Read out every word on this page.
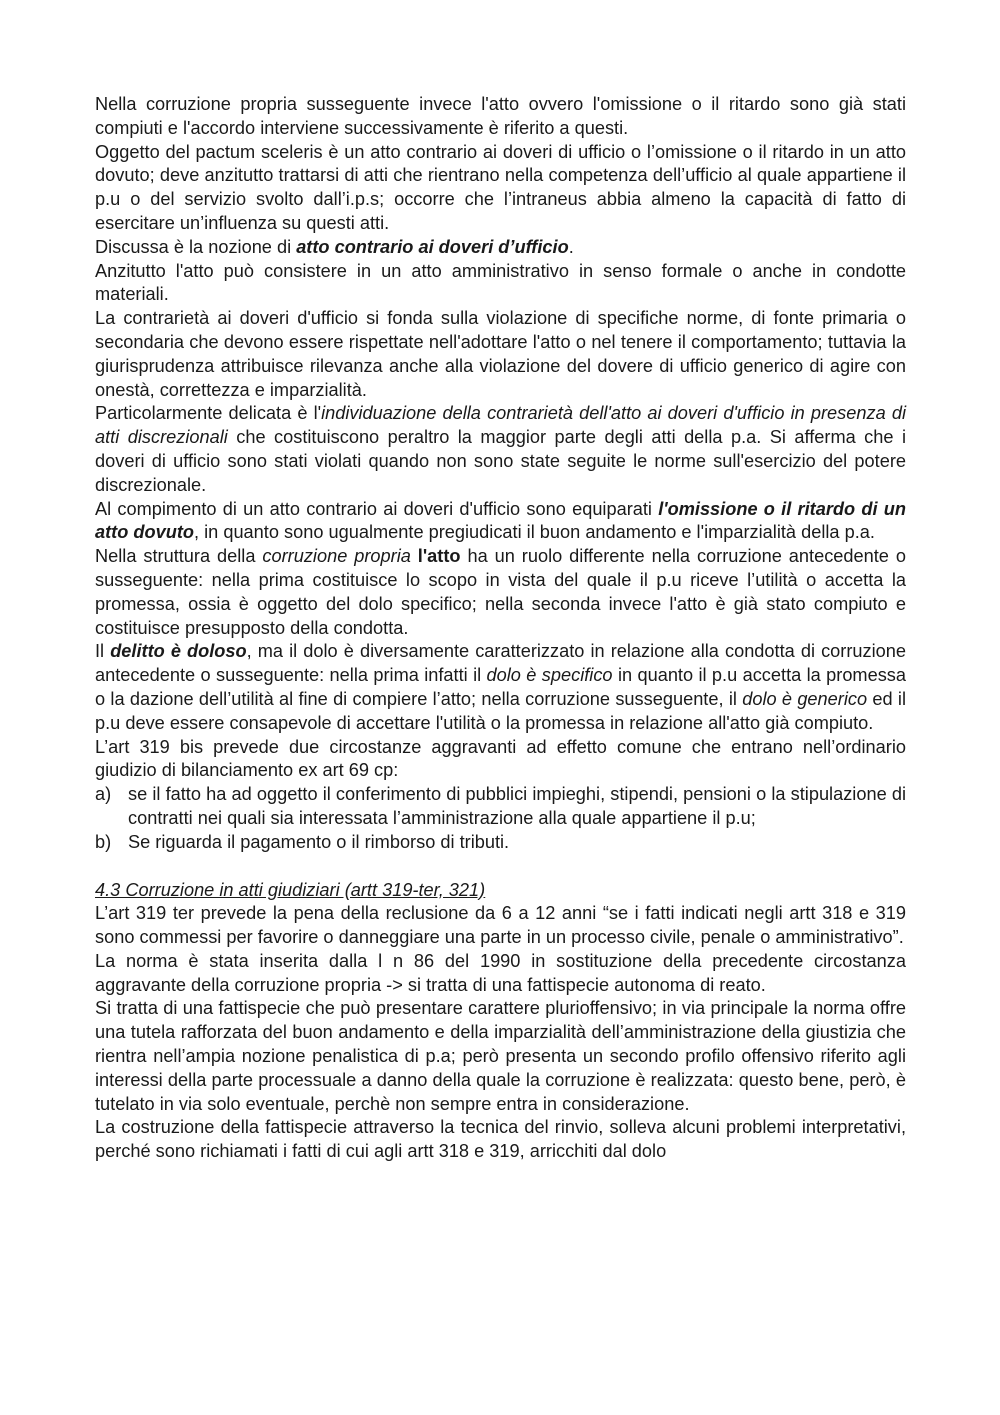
Nella corruzione propria susseguente invece l'atto ovvero l'omissione o il ritardo sono già stati compiuti e l'accordo interviene successivamente è riferito a questi.

Oggetto del pactum sceleris è un atto contrario ai doveri di ufficio o l’omissione o il ritardo in un atto dovuto; deve anzitutto trattarsi di atti che rientrano nella competenza dell’ufficio al quale appartiene il p.u o del servizio svolto dall’i.p.s; occorre che l’intraneus abbia almeno la capacità di fatto di esercitare un’influenza su questi atti.

Discussa è la nozione di atto contrario ai doveri d’ufficio.

Anzitutto l'atto può consistere in un atto amministrativo in senso formale o anche in condotte materiali.

La contrarietà ai doveri d'ufficio si fonda sulla violazione di specifiche norme, di fonte primaria o secondaria che devono essere rispettate nell'adottare l'atto o nel tenere il comportamento; tuttavia la giurisprudenza attribuisce rilevanza anche alla violazione del dovere di ufficio generico di agire con onestà, correttezza e imparzialità.

Particolarmente delicata è l'individuazione della contrarietà dell'atto ai doveri d'ufficio in presenza di atti discrezionali che costituiscono peraltro la maggior parte degli atti della p.a. Si afferma che i doveri di ufficio sono stati violati quando non sono state seguite le norme sull'esercizio del potere discrezionale.

Al compimento di un atto contrario ai doveri d'ufficio sono equiparati l'omissione o il ritardo di un atto dovuto, in quanto sono ugualmente pregiudicati il buon andamento e l'imparzialità della p.a.

Nella struttura della corruzione propria l'atto ha un ruolo differente nella corruzione antecedente o susseguente: nella prima costituisce lo scopo in vista del quale il p.u riceve l’utilità o accetta la promessa, ossia è oggetto del dolo specifico; nella seconda invece l'atto è già stato compiuto e costituisce presupposto della condotta.

Il delitto è doloso, ma il dolo è diversamente caratterizzato in relazione alla condotta di corruzione antecedente o susseguente: nella prima infatti il dolo è specifico in quanto il p.u accetta la promessa o la dazione dell’utilità al fine di compiere l’atto; nella corruzione susseguente, il dolo è generico ed il p.u deve essere consapevole di accettare l'utilità o la promessa in relazione all'atto già compiuto.

L’art 319 bis prevede due circostanze aggravanti ad effetto comune che entrano nell’ordinario giudizio di bilanciamento ex art 69 cp:

a) se il fatto ha ad oggetto il conferimento di pubblici impieghi, stipendi, pensioni o la stipulazione di contratti nei quali sia interessata l’amministrazione alla quale appartiene il p.u;
b) Se riguarda il pagamento o il rimborso di tributi.

4.3 Corruzione in atti giudiziari (artt 319-ter, 321)

L’art 319 ter prevede la pena della reclusione da 6 a 12 anni “se i fatti indicati negli artt 318 e 319 sono commessi per favorire o danneggiare una parte in un processo civile, penale o amministrativo”.

La norma è stata inserita dalla l n 86 del 1990 in sostituzione della precedente circostanza aggravante della corruzione propria -> si tratta di una fattispecie autonoma di reato.

Si tratta di una fattispecie che può presentare carattere plurioffensivo; in via principale la norma offre una tutela rafforzata del buon andamento e della imparzialità dell’amministrazione della giustizia che rientra nell’ampia nozione penalistica di p.a; però presenta un secondo profilo offensivo riferito agli interessi della parte processuale a danno della quale la corruzione è realizzata: questo bene, però, è tutelato in via solo eventuale, perchè non sempre entra in considerazione.

La costruzione della fattispecie attraverso la tecnica del rinvio, solleva alcuni problemi interpretativi, perché sono richiamati i fatti di cui agli artt 318 e 319, arricchiti dal dolo
